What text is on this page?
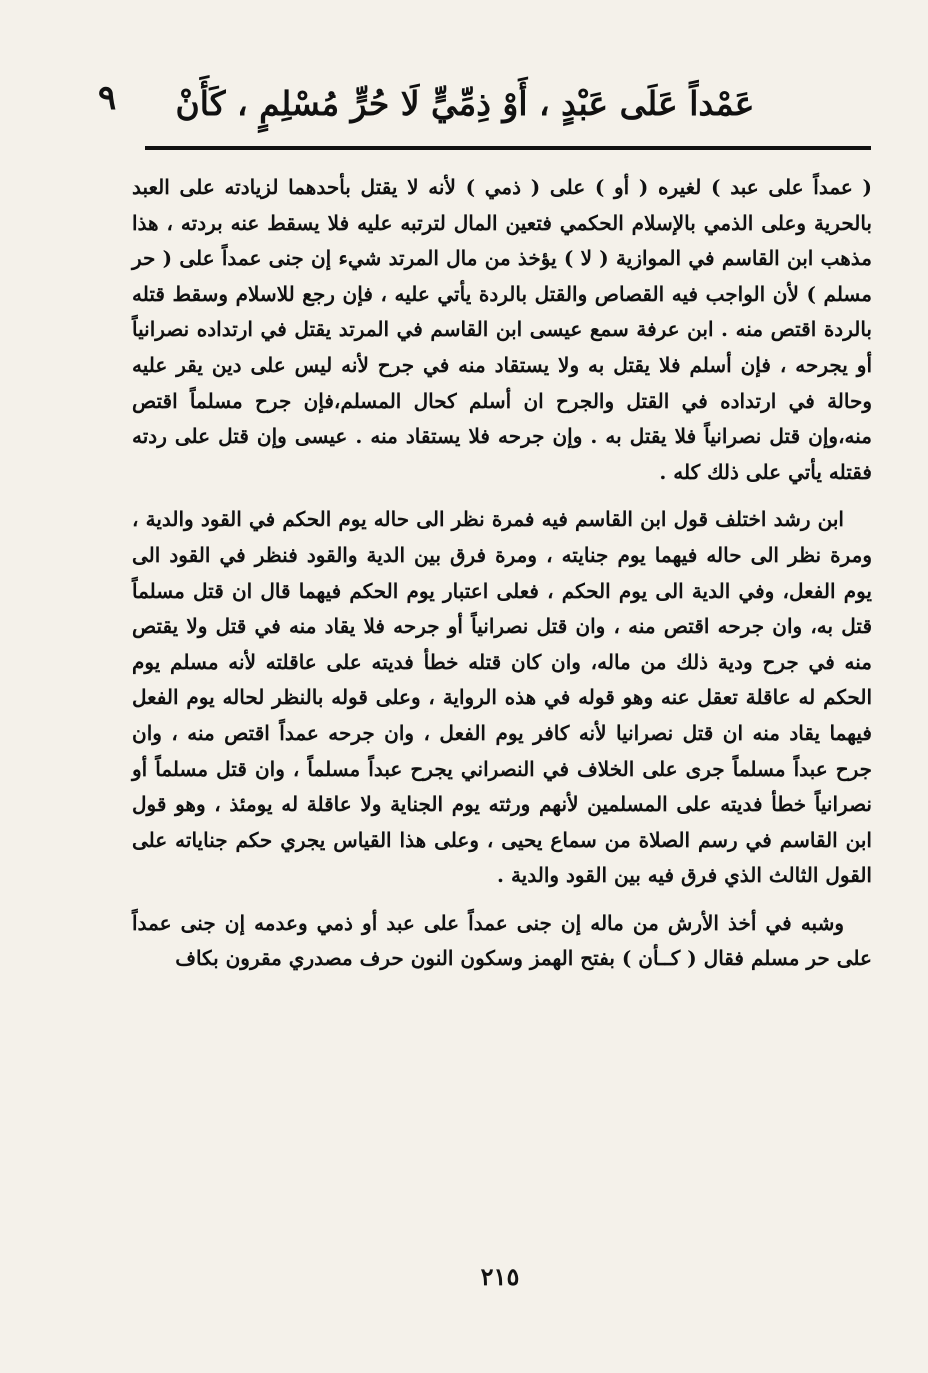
٩	عَمْداً عَلَى عَبْدٍ ، أَوْ ذِمِّيٍّ لَا حُرٍّ مُسْلِمٍ ، كَأَنْ

( عمداً على عبد ) لغيره ( أو ) على ( ذمي ) لأنه لا يقتل بأحدهما لزيادته على العبد بالحرية وعلى الذمي بالإسلام الحكمي فتعين المال لترتبه عليه فلا يسقط عنه بردته ، هذا مذهب ابن القاسم في الموازية ( لا ) يؤخذ من مال المرتد شيء إن جنى عمداً على ( حر مسلم ) لأن الواجب فيه القصاص والقتل بالردة يأتي عليه ، فإن رجع للاسلام وسقط قتله بالردة اقتص منه . ابن عرفة سمع عيسى ابن القاسم في المرتد يقتل في ارتداده نصرانياً أو يجرحه ، فإن أسلم فلا يقتل به ولا يستقاد منه في جرح لأنه ليس على دين يقر عليه وحالة في ارتداده في القتل والجرح ان أسلم كحال المسلم،فإن جرح مسلماً اقتص منه،وإن قتل نصرانياً فلا يقتل به . وإن جرحه فلا يستقاد منه . عيسى وإن قتل على ردته فقتله يأتي على ذلك كله .

ابن رشد اختلف قول ابن القاسم فيه فمرة نظر الى حاله يوم الحكم في القود والدية ، ومرة نظر الى حاله فيهما يوم جنايته ، ومرة فرق بين الدية والقود فنظر في القود الى يوم الفعل، وفي الدية الى يوم الحكم ، فعلى اعتبار يوم الحكم فيهما قال ان قتل مسلماً قتل به، وان جرحه اقتص منه ، وان قتل نصرانياً أو جرحه فلا يقاد منه في قتل ولا يقتص منه في جرح ودية ذلك من ماله، وان كان قتله خطأ فديته على عاقلته لأنه مسلم يوم الحكم له عاقلة تعقل عنه وهو قوله في هذه الرواية ، وعلى قوله بالنظر لحاله يوم الفعل فيهما يقاد منه ان قتل نصرانيا لأنه كافر يوم الفعل ، وان جرحه عمداً اقتص منه ، وان جرح عبداً مسلماً جرى على الخلاف في النصراني يجرح عبداً مسلماً ، وان قتل مسلماً أو نصرانياً خطأ فديته على المسلمين لأنهم ورثته يوم الجناية ولا عاقلة له يومئذ ، وهو قول ابن القاسم في رسم الصلاة من سماع يحيى ، وعلى هذا القياس يجري حكم جناياته على القول الثالث الذي فرق فيه بين القود والدية .

وشبه في أخذ الأرش من ماله إن جنى عمداً على عبد أو ذمي وعدمه إن جنى عمداً على حر مسلم فقال ( كــأن ) بفتح الهمز وسكون النون حرف مصدري مقرون بكاف

٢١٥
